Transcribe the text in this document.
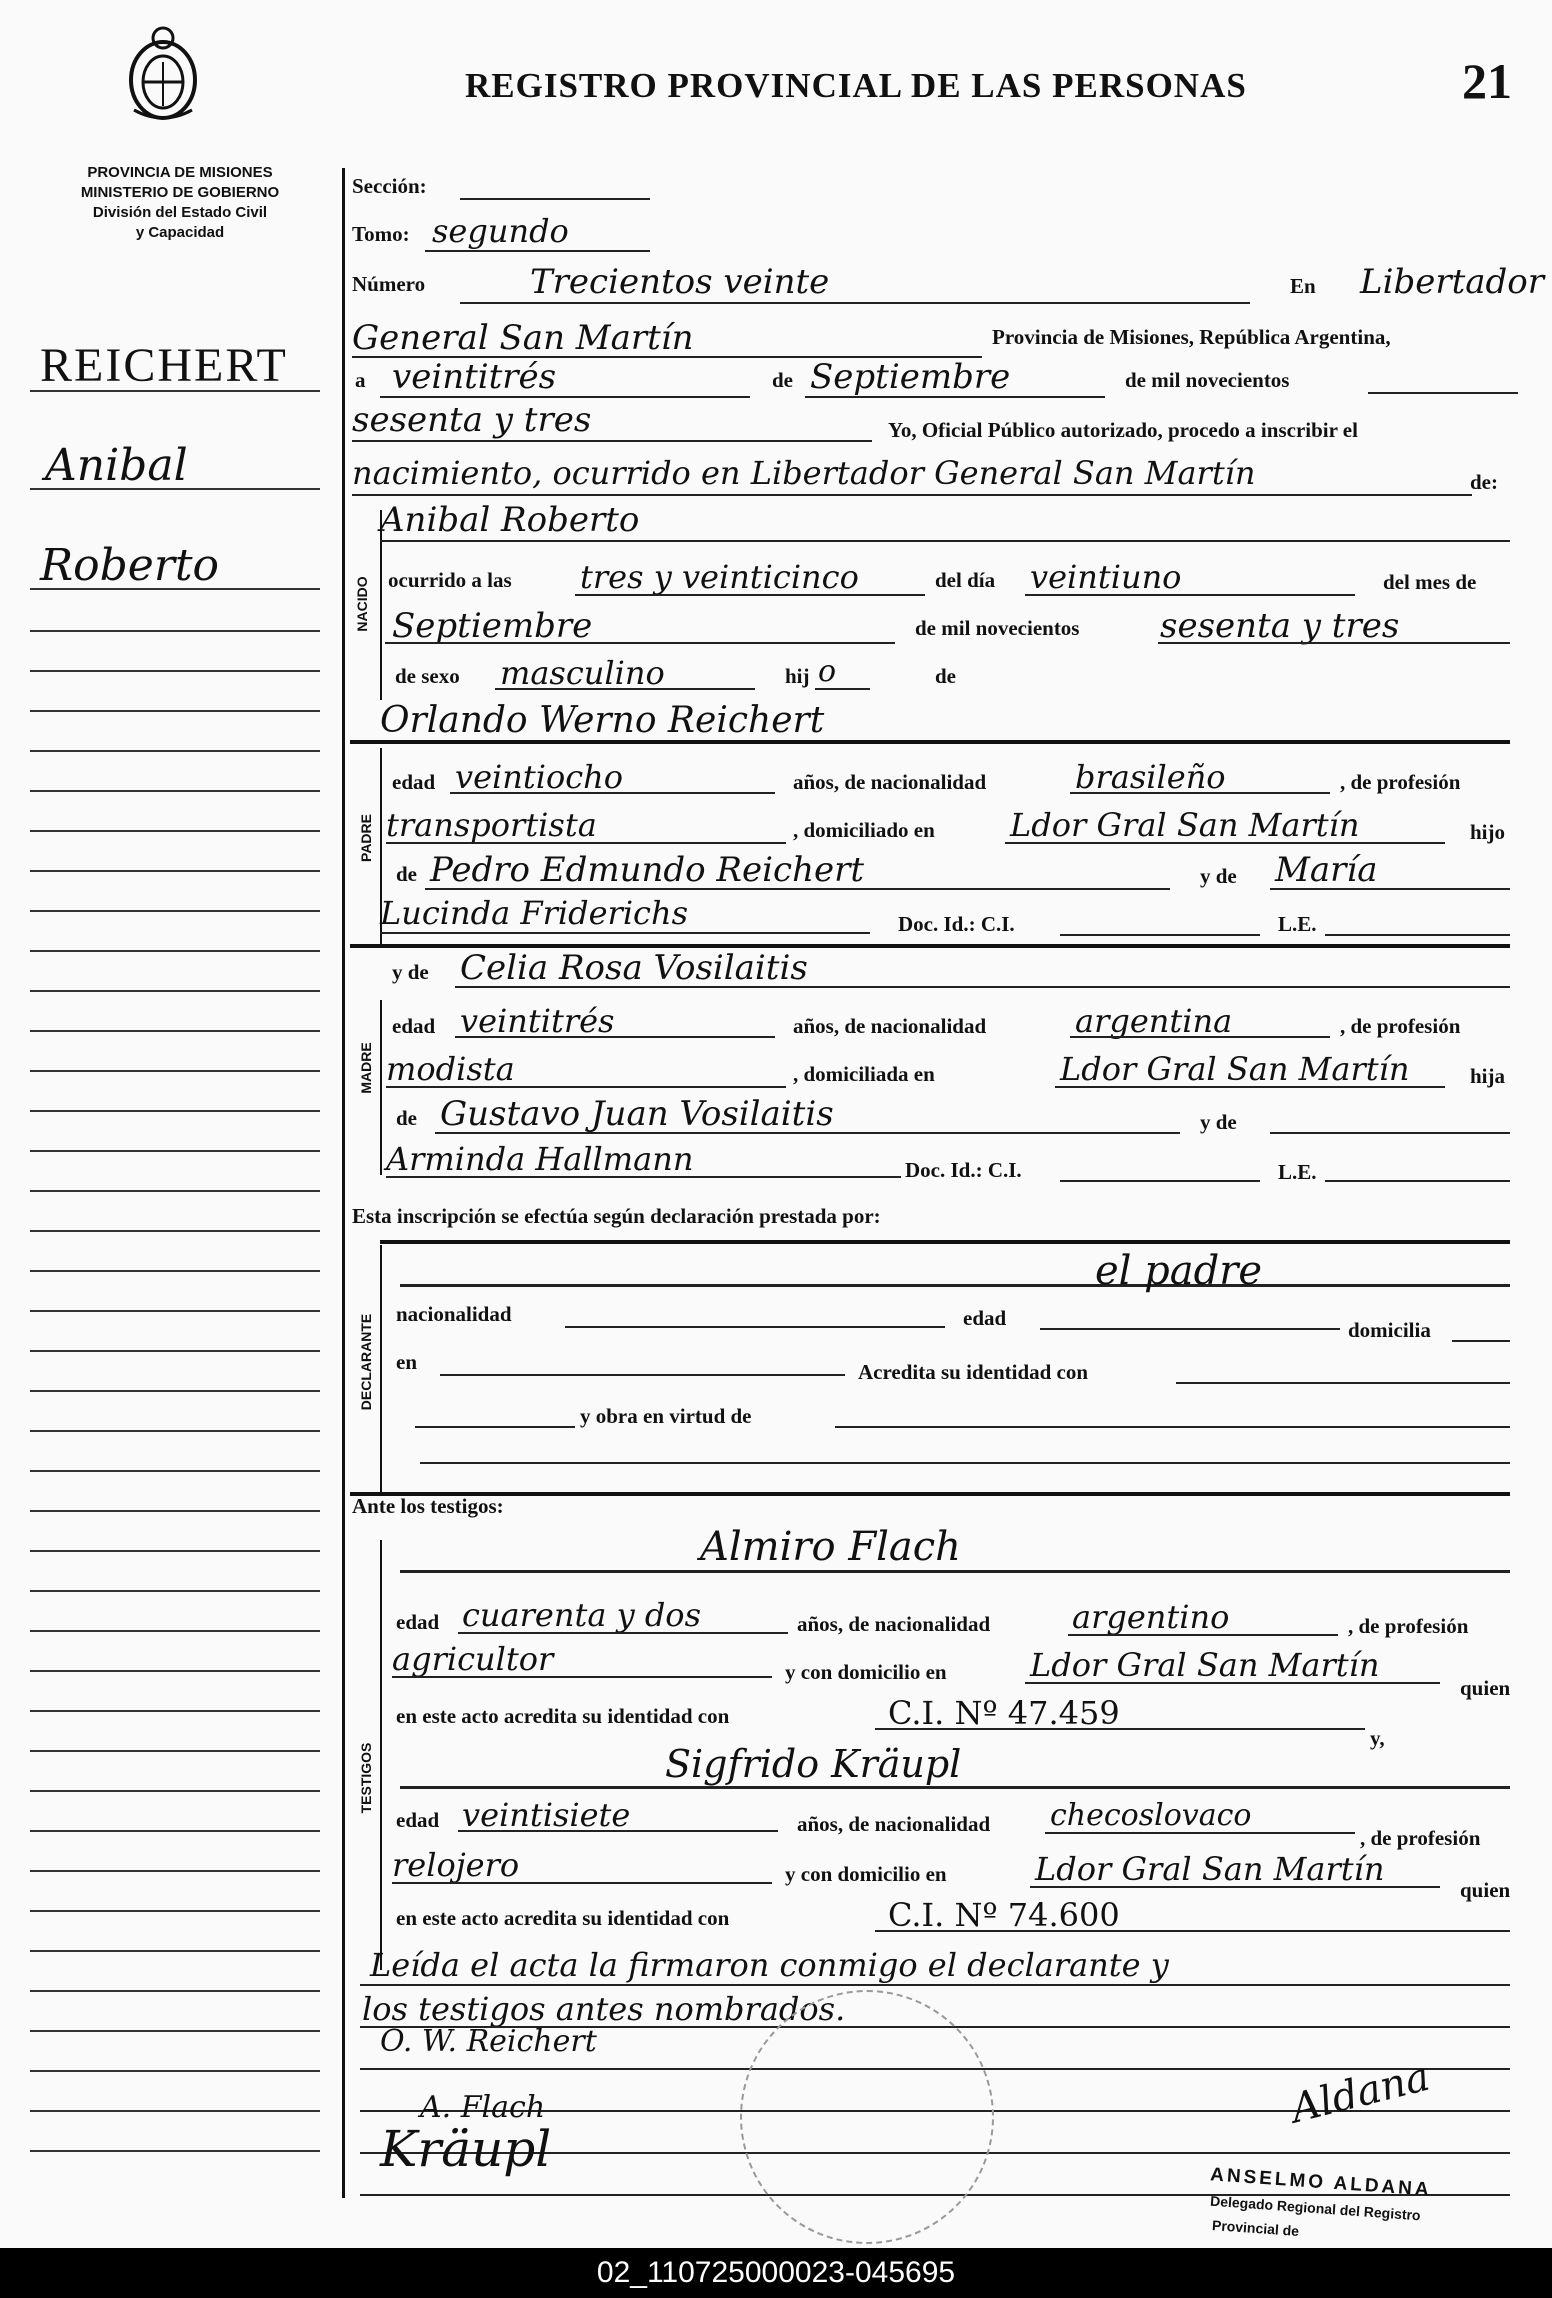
REGISTRO PROVINCIAL DE LAS PERSONAS	21
PROVINCIA DE MISIONES
MINISTERIO DE GOBIERNO
División del Estado Civil
y Capacidad
REICHERT
Anibal
Roberto
Sección:
Tomo: segundo
Número	Trecientos veinte	En Libertador
General San Martín	Provincia de Misiones, República Argentina,
a veintitrés	de Septiembre	de mil novecientos
sesenta y tres	Yo, Oficial Público autorizado, procedo a inscribir el
nacimiento, ocurrido en Libertador General San Martín	de:
NACIDO
Anibal Roberto
ocurrido a las tres y veinticinco	del día veintiuno	del mes de
Septiembre	de mil novecientos sesenta y tres
de sexo masculino	hij o	de
Orlando Werno Reichert
PADRE
edad veintiocho	años, de nacionalidad	brasileño	, de profesión
transportista	, domiciliado en Ldor Gral San Martín	hijo
de Pedro Edmundo Reichert	y de María
Lucinda Friderichs	Doc. Id.: C.I.	L.E.
MADRE
y de Celia Rosa Vosilaitis
edad veintitrés	años, de nacionalidad	argentina	, de profesión
modista	, domiciliada en	Ldor Gral San Martín	hija
de Gustavo Juan Vosilaitis	y de
Arminda Hallmann	Doc. Id.: C.I.	L.E.
Esta inscripción se efectúa según declaración prestada por:
DECLARANTE
el padre
nacionalidad	edad	domicilia
en	Acredita su identidad con
y obra en virtud de
Ante los testigos:
TESTIGOS
Almiro Flach
edad cuarenta y dos	años, de nacionalidad	argentino	, de profesión
agricultor	y con domicilio en	Ldor Gral San Martín
quien
en este acto acredita su identidad con	C.I. Nº 47.459
y,
Sigfrido Kräupl
edad veintisiete	años, de nacionalidad checoslovaco
, de profesión
relojero	y con domicilio en	Ldor Gral San Martín
quien
en este acto acredita su identidad con	C.I. Nº 74.600
Leída el acta la firmaron conmigo el declarante y
los testigos antes nombrados.
O. W. Reichert
A. Flach
Kräupl
Aldana
ANSELMO ALDANA
Delegado Regional del Registro
Provincial de
02_110725000023-045695
